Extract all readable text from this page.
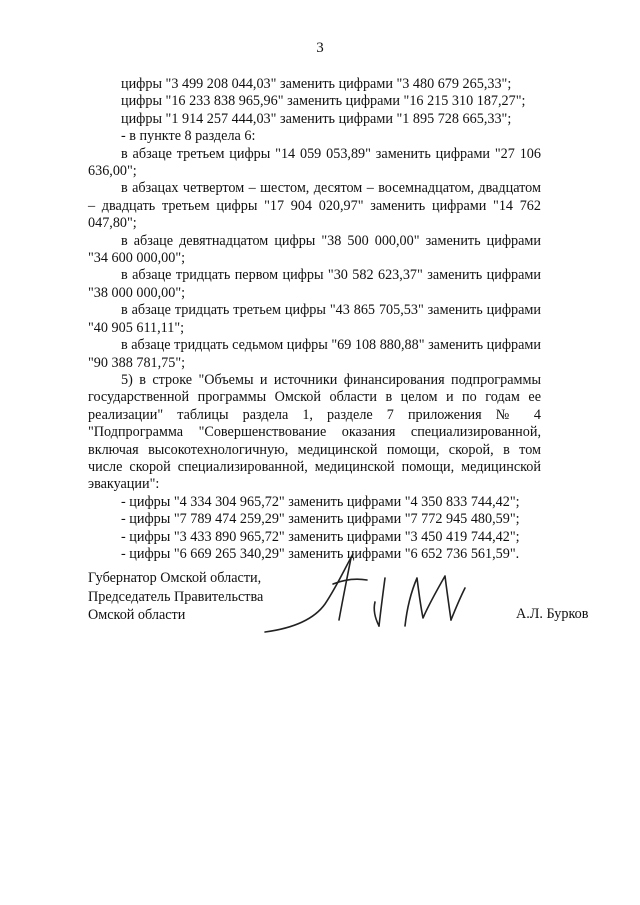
3
цифры "3 499 208 044,03" заменить цифрами "3 480 679 265,33";
цифры "16 233 838 965,96" заменить цифрами "16 215 310 187,27";
цифры "1 914 257 444,03" заменить цифрами "1 895 728 665,33";
- в пункте 8 раздела 6:
в абзаце третьем цифры "14 059 053,89" заменить цифрами "27 106 636,00";
в абзацах четвертом – шестом, десятом – восемнадцатом, двадцатом – двадцать третьем цифры "17 904 020,97" заменить цифрами "14 762 047,80";
в абзаце девятнадцатом цифры "38 500 000,00" заменить цифрами "34 600 000,00";
в абзаце тридцать первом цифры "30 582 623,37" заменить цифрами "38 000 000,00";
в абзаце тридцать третьем цифры "43 865 705,53" заменить цифрами "40 905 611,11";
в абзаце тридцать седьмом цифры "69 108 880,88" заменить цифрами "90 388 781,75";
5) в строке "Объемы и источники финансирования подпрограммы государственной программы Омской области в целом и по годам ее реализации" таблицы раздела 1, разделе 7 приложения № 4 "Подпрограмма "Совершенствование оказания специализированной, включая высокотехнологичную, медицинской помощи, скорой, в том числе скорой специализированной, медицинской помощи, медицинской эвакуации":
- цифры "4 334 304 965,72" заменить цифрами "4 350 833 744,42";
- цифры "7 789 474 259,29" заменить цифрами "7 772 945 480,59";
- цифры "3 433 890 965,72" заменить цифрами "3 450 419 744,42";
- цифры "6 669 265 340,29" заменить цифрами "6 652 736 561,59".
Губернатор Омской области,
Председатель Правительства
Омской области	А.Л. Бурков
